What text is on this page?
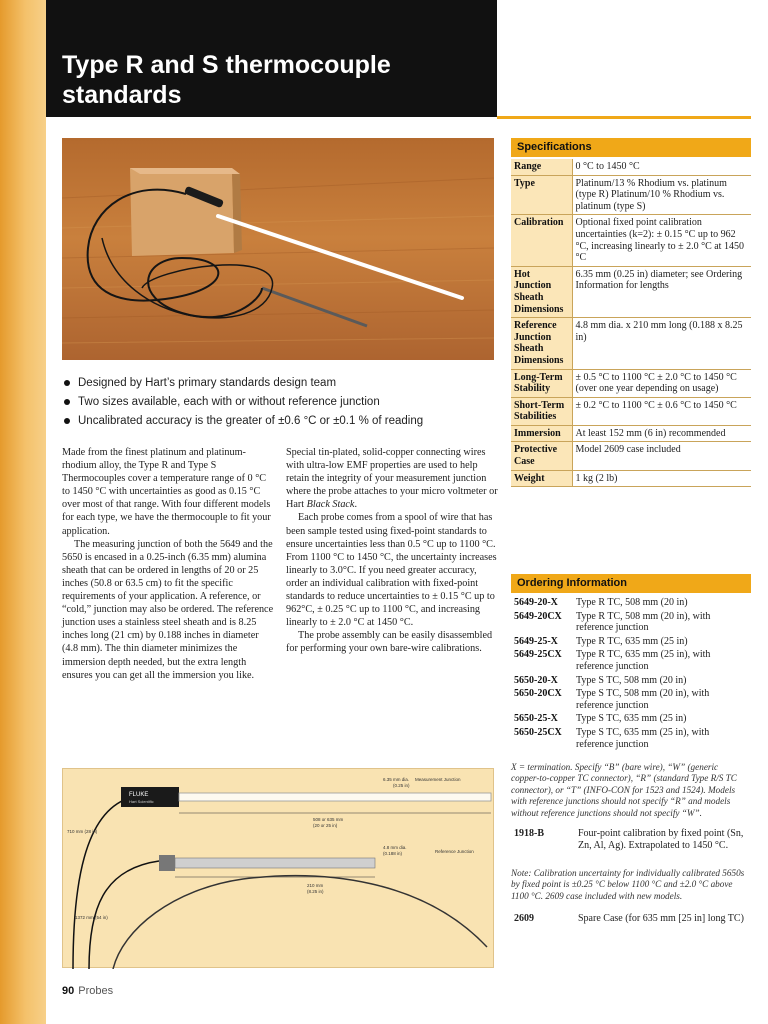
Type R and S thermocouple standards
Designed by Hart’s primary standards design team
Two sizes available, each with or without reference junction
Uncalibrated accuracy is the greater of ±0.6 °C or ±0.1 % of reading

Made from the finest platinum and platinum-rhodium alloy, the Type R and Type S Thermocouples cover a temperature range of 0 °C to 1450 °C with uncertainties as good as 0.15 °C over most of that range. With four different models for each type, we have the thermocouple to fit your application.

The measuring junction of both the 5649 and the 5650 is encased in a 0.25-inch (6.35 mm) alumina sheath that can be ordered in lengths of 20 or 25 inches (50.8 or 63.5 cm) to fit the specific requirements of your application. A reference, or “cold,” junction may also be ordered. The reference junction uses a stainless steel sheath and is 8.25 inches long (21 cm) by 0.188 inches in diameter (4.8 mm). The thin diameter minimizes the immersion depth needed, but the extra length ensures you can get all the immersion you like.

Special tin-plated, solid-copper connecting wires with ultra-low EMF properties are used to help retain the integrity of your measurement junction where the probe attaches to your micro voltmeter or Hart Black Stack.

Each probe comes from a spool of wire that has been sample tested using fixed-point standards to ensure uncertainties less than 0.5 °C up to 1100 °C. From 1100 °C to 1450 °C, the uncertainty increases linearly to 3.0°C. If you need greater accuracy, order an individual calibration with fixed-point standards to reduce uncertainties to ± 0.15 °C up to 962°C, ± 0.25 °C up to 1100 °C, and increasing linearly to ± 2.0 °C at 1450 °C.

The probe assembly can be easily disassembled for performing your own bare-wire calibrations.

FLUKE
Hart Scientific
508 or 635 mm
(20 or 25 in)
6.35 mm dia.
(0.25 in)
Measurement Junction
4.8 mm dia.
(0.188 in)	Reference Junction
210 mm
(8.25 in)
710 mm (28 in)
1372 mm (54 in)
90 Probes
Specifications
Range	0 °C to 1450 °C
Type	Platinum/13 % Rhodium vs. platinum (type R) Platinum/10 % Rhodium vs. platinum (type S)
Calibration	Optional fixed point calibration uncertainties (k=2): ± 0.15 °C up to 962 °C, increasing linearly to ± 2.0 °C at 1450 °C
Hot Junction Sheath Dimensions	6.35 mm (0.25 in) diameter; see Ordering Information for lengths
Reference Junction Sheath Dimensions	4.8 mm dia. x 210 mm long (0.188 x 8.25 in)
Long-Term Stability	± 0.5 °C to 1100 °C ± 2.0 °C to 1450 °C (over one year depending on usage)
Short-Term Stabilities	± 0.2 °C to 1100 °C ± 0.6 °C to 1450 °C
Immersion	At least 152 mm (6 in) recommended
Protective Case	Model 2609 case included
Weight	1 kg (2 lb)
Ordering Information
5649-20-X	Type R TC, 508 mm (20 in)
5649-20CX	Type R TC, 508 mm (20 in), with reference junction
5649-25-X	Type R TC, 635 mm (25 in)
5649-25CX	Type R TC, 635 mm (25 in), with reference junction
5650-20-X	Type S TC, 508 mm (20 in)
5650-20CX	Type S TC, 508 mm (20 in), with reference junction
5650-25-X	Type S TC, 635 mm (25 in)
5650-25CX	Type S TC, 635 mm (25 in), with reference junction
X = termination. Specify “B” (bare wire), “W” (generic copper-to-copper TC connector), “R” (standard Type R/S TC connector), or “T” (INFO-CON for 1523 and 1524). Models with reference junctions should not specify “R” and models without reference junctions should not specify “W”.
1918-B	Four-point calibration by fixed point (Sn, Zn, Al, Ag). Extrapolated to 1450 °C.
Note: Calibration uncertainty for individually calibrated 5650s by fixed point is ±0.25 °C below 1100 °C and ±2.0 °C above 1100 °C. 2609 case included with new models.
2609	Spare Case (for 635 mm [25 in] long TC)
